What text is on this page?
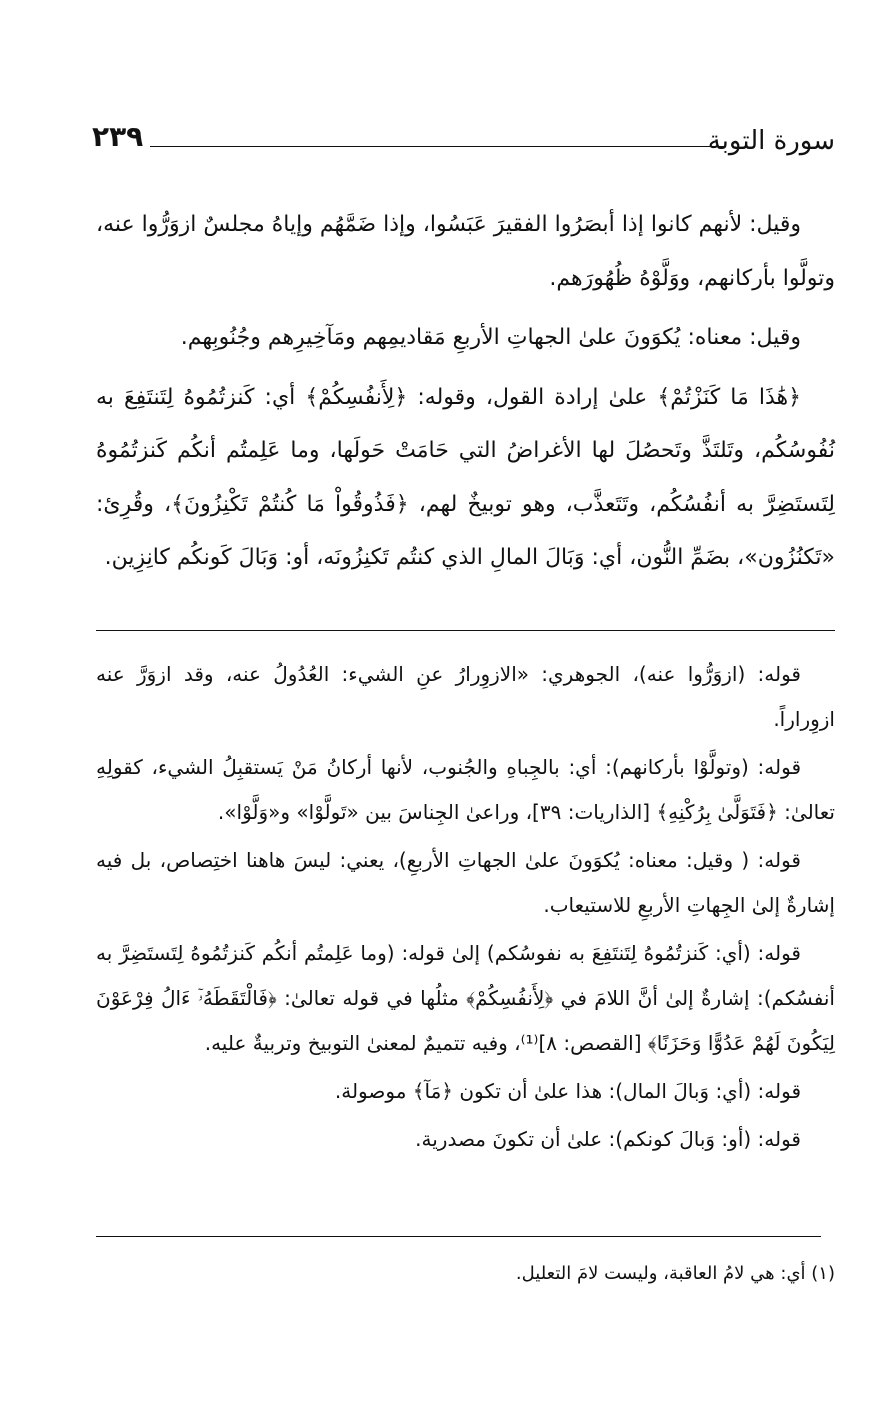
سورة التوبة
٢٣٩

وقيل: لأنهم كانوا إذا أبصَرُوا الفقيرَ عَبَسُوا، وإذا ضَمَّهُم وإياهُ مجلسٌ ازوَرُّوا عنه، وتولَّوا بأركانهم، ووَلَّوْهُ ظُهُورَهم.

وقيل: معناه: يُكوَونَ علىٰ الجهاتِ الأربعِ مَقاديمِهم ومَآخِيرِهم وجُنُوبِهم.

﴿هَٰذَا مَا كَنَزْتُمْ﴾ علىٰ إرادة القول، وقوله: ﴿لِأَنفُسِكُمْ﴾ أي: كَنزتُمُوهُ لِتَنتَفِعَ به نُفُوسُكُم، وتَلتَذَّ وتَحصُلَ لها الأغراضُ التي حَامَتْ حَولَها، وما عَلِمتُم أنكُم كَنزتُمُوهُ لِتَستَضِرَّ به أنفُسُكُم، وتَتَعذَّب، وهو توبيخٌ لهم، ﴿فَذُوقُواْ مَا كُنتُمْ تَكْنِزُونَ﴾، وقُرِئ: «تَكنُزُون»، بضَمِّ النُّون، أي: وَبَالَ المالِ الذي كنتُم تَكنِزُونَه، أو: وَبَالَ كَونكُم كانِزِين.

قوله: (ازوَرُّوا عنه)، الجوهري: «الازوِرارُ عنِ الشيء: العُدُولُ عنه، وقد ازوَرَّ عنه ازوِراراً.

قوله: (وتولَّوْا بأركانهم): أي: بالجِباهِ والجُنوب، لأنها أركانُ مَنْ يَستقبِلُ الشيء، كقولِهِ تعالىٰ: ﴿فَتَوَلَّىٰ بِرُكْنِهِ﴾ [الذاريات: ٣٩]، وراعىٰ الجِناسَ بين «تَولَّوْا» و«وَلَّوْا».

قوله: ( وقيل: معناه: يُكوَونَ علىٰ الجهاتِ الأربعِ)، يعني: ليسَ هاهنا اختِصاص، بل فيه إشارةٌ إلىٰ الجِهاتِ الأربعِ للاستيعاب.

قوله: (أي: كَنزتُمُوهُ لِتَنتَفِعَ به نفوسُكم) إلىٰ قوله: (وما عَلِمتُم أنكُم كَنزتُمُوهُ لِتَستَضِرَّ به أنفسُكم): إشارةٌ إلىٰ أنَّ اللامَ في ﴿لِأَنفُسِكُمْ﴾ مثلُها في قوله تعالىٰ: ﴿فَالْتَقَطَهُۥٓ ءَالُ فِرْعَوْنَ لِيَكُونَ لَهُمْ عَدُوًّا وَحَزَنًا﴾ [القصص: ٨]⁽¹⁾، وفيه تتميمٌ لمعنىٰ التوبيخ وتربيةٌ عليه.

قوله: (أي: وَبالَ المال): هذا علىٰ أن تكون ﴿مَآ﴾ موصولة.

قوله: (أو: وَبالَ كونكم): علىٰ أن تكونَ مصدرية.

(١) أي: هي لامُ العاقبة، وليست لامَ التعليل.
